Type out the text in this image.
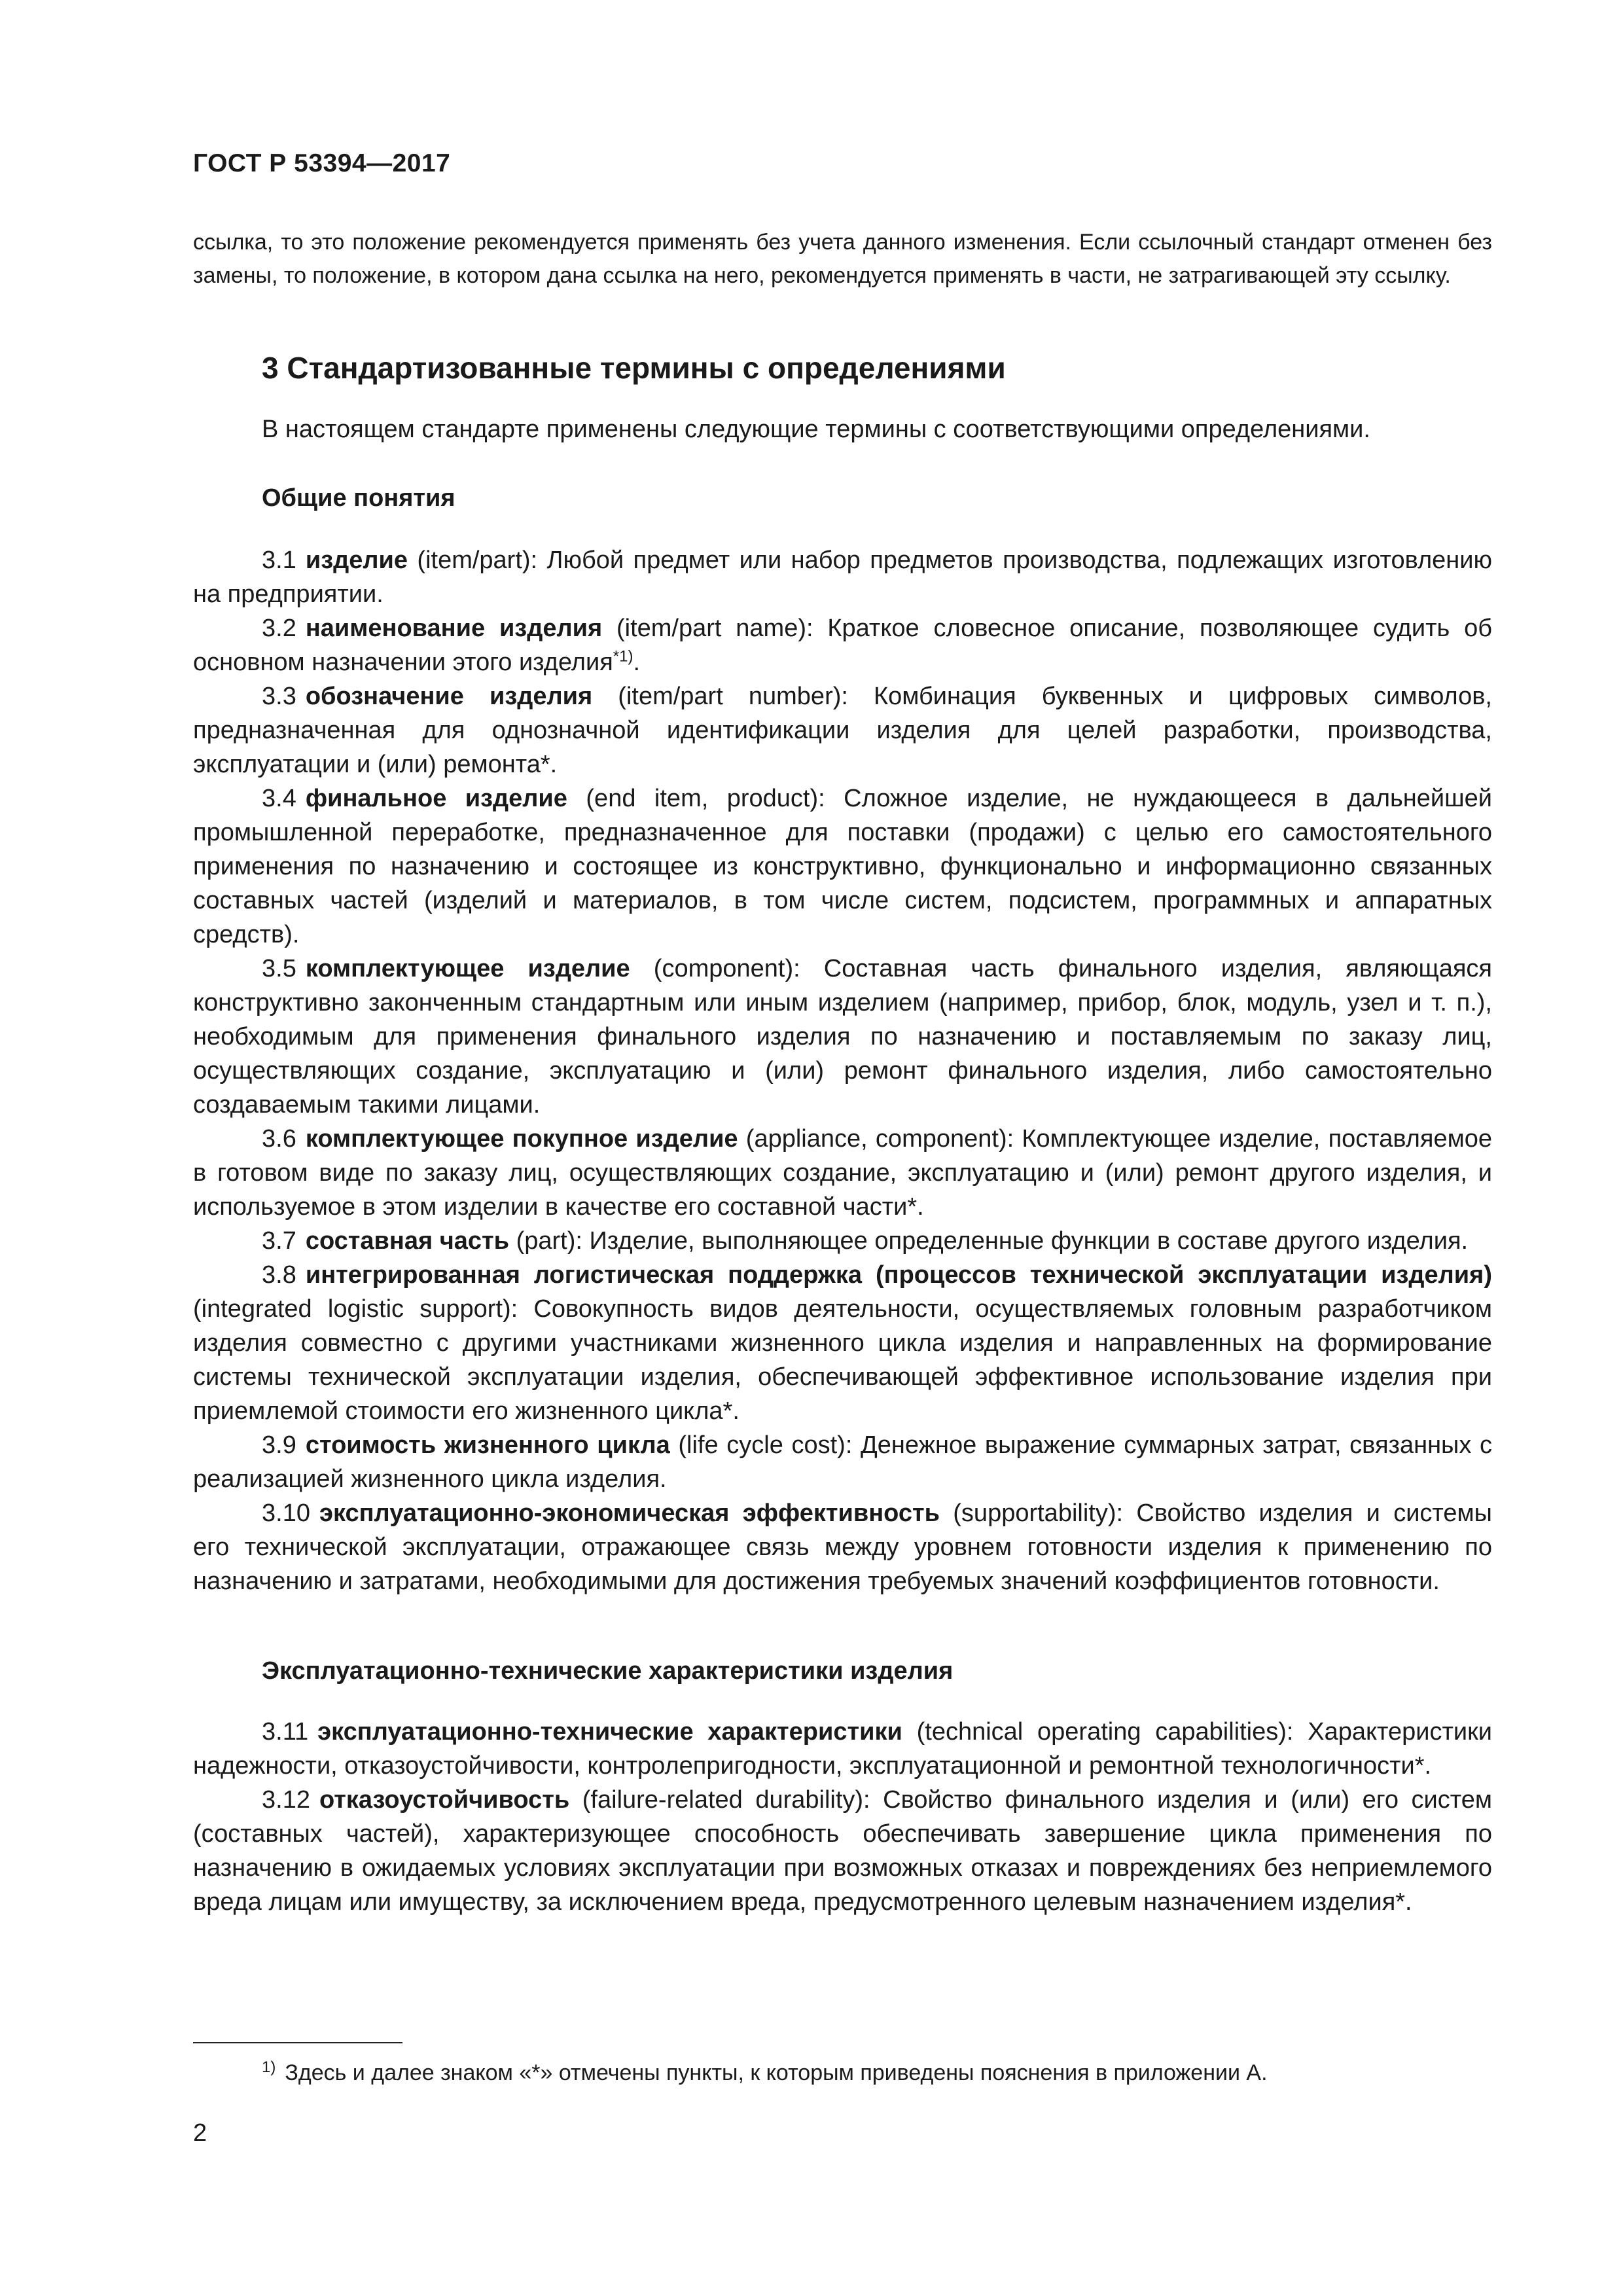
ГОСТ Р 53394—2017
ссылка, то это положение рекомендуется применять без учета данного изменения. Если ссылочный стандарт отменен без замены, то положение, в котором дана ссылка на него, рекомендуется применять в части, не затрагивающей эту ссылку.
3 Стандартизованные термины с определениями
В настоящем стандарте применены следующие термины с соответствующими определениями.
Общие понятия

3.1 изделие (item/part): Любой предмет или набор предметов производства, подлежащих изготовлению на предприятии.

3.2 наименование изделия (item/part name): Краткое словесное описание, позволяющее судить об основном назначении этого изделия$^{*1)}$.

3.3 обозначение изделия (item/part number): Комбинация буквенных и цифровых символов, предназначенная для однозначной идентификации изделия для целей разработки, производства, эксплуатации и (или) ремонта*.

3.4 финальное изделие (end item, product): Сложное изделие, не нуждающееся в дальнейшей промышленной переработке, предназначенное для поставки (продажи) с целью его самостоятельного применения по назначению и состоящее из конструктивно, функционально и информационно связанных составных частей (изделий и материалов, в том числе систем, подсистем, программных и аппаратных средств).

3.5 комплектующее изделие (component): Составная часть финального изделия, являющаяся конструктивно законченным стандартным или иным изделием (например, прибор, блок, модуль, узел и т. п.), необходимым для применения финального изделия по назначению и поставляемым по заказу лиц, осуществляющих создание, эксплуатацию и (или) ремонт финального изделия, либо самостоятельно создаваемым такими лицами.

3.6 комплектующее покупное изделие (appliance, component): Комплектующее изделие, поставляемое в готовом виде по заказу лиц, осуществляющих создание, эксплуатацию и (или) ремонт другого изделия, и используемое в этом изделии в качестве его составной части*.

3.7 составная часть (part): Изделие, выполняющее определенные функции в составе другого изделия.

3.8 интегрированная логистическая поддержка (процессов технической эксплуатации изделия) (integrated logistic support): Совокупность видов деятельности, осуществляемых головным разработчиком изделия совместно с другими участниками жизненного цикла изделия и направленных на формирование системы технической эксплуатации изделия, обеспечивающей эффективное использование изделия при приемлемой стоимости его жизненного цикла*.

3.9 стоимость жизненного цикла (life cycle cost): Денежное выражение суммарных затрат, связанных с реализацией жизненного цикла изделия.

3.10 эксплуатационно-экономическая эффективность (supportability): Свойство изделия и системы его технической эксплуатации, отражающее связь между уровнем готовности изделия к применению по назначению и затратами, необходимыми для достижения требуемых значений коэффициентов готовности.

Эксплуатационно-технические характеристики изделия

3.11 эксплуатационно-технические характеристики (technical operating capabilities): Характеристики надежности, отказоустойчивости, контролепригодности, эксплуатационной и ремонтной технологичности*.

3.12 отказоустойчивость (failure-related durability): Свойство финального изделия и (или) его систем (составных частей), характеризующее способность обеспечивать завершение цикла применения по назначению в ожидаемых условиях эксплуатации при возможных отказах и повреждениях без неприемлемого вреда лицам или имуществу, за исключением вреда, предусмотренного целевым назначением изделия*.

$^{1)}$ Здесь и далее знаком «*» отмечены пункты, к которым приведены пояснения в приложении А.
2
